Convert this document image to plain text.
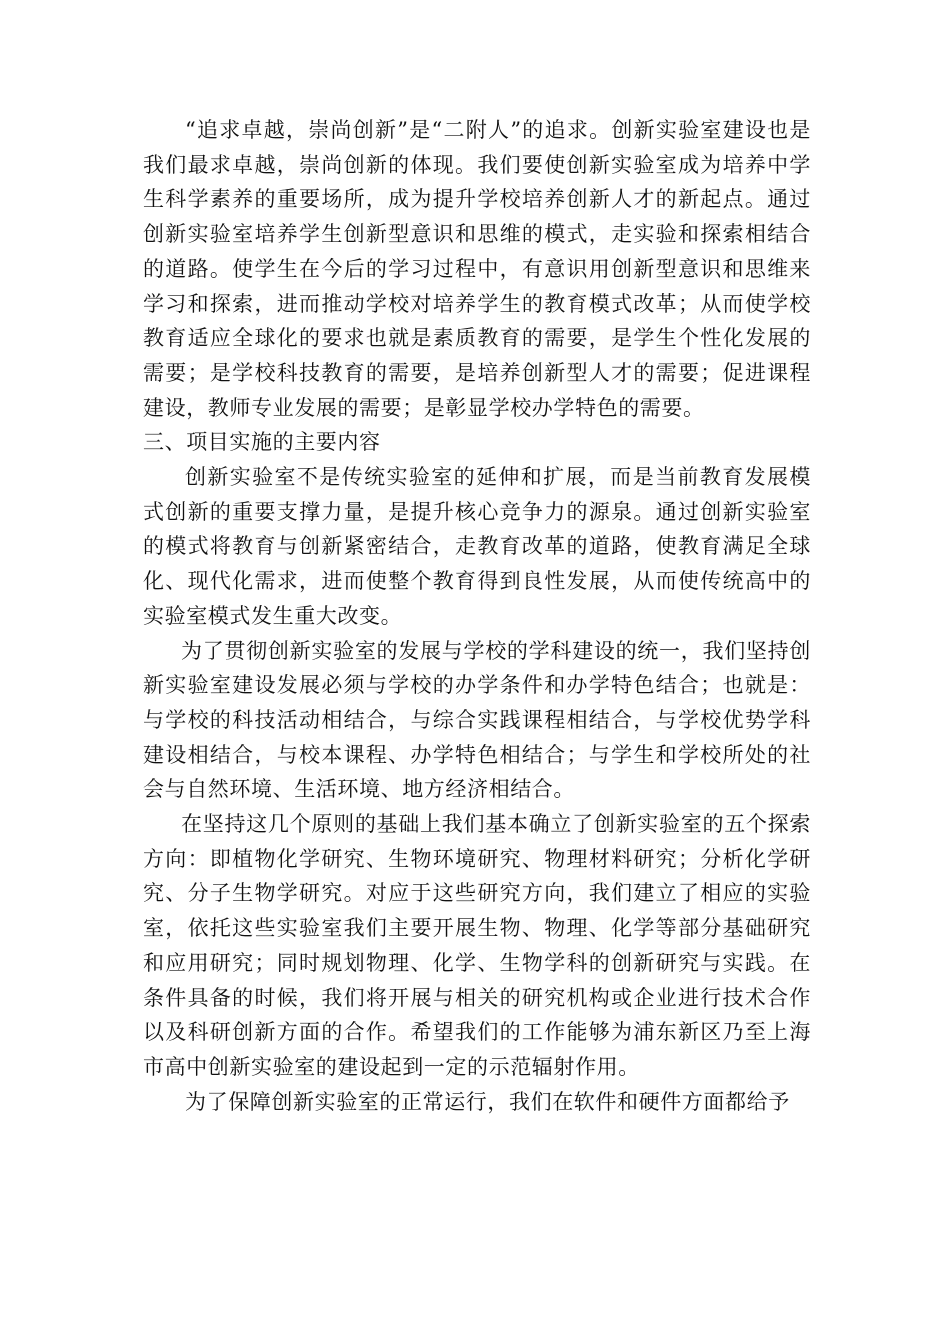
“追求卓越，崇尚创新”是“二附人”的追求。创新实验室建设也是我们最求卓越，崇尚创新的体现。我们要使创新实验室成为培养中学生科学素养的重要场所，成为提升学校培养创新人才的新起点。通过创新实验室培养学生创新型意识和思维的模式，走实验和探索相结合的道路。使学生在今后的学习过程中，有意识用创新型意识和思维来学习和探索，进而推动学校对培养学生的教育模式改革；从而使学校教育适应全球化的要求也就是素质教育的需要，是学生个性化发展的需要；是学校科技教育的需要，是培养创新型人才的需要；促进课程建设，教师专业发展的需要；是彰显学校办学特色的需要。

三、项目实施的主要内容

创新实验室不是传统实验室的延伸和扩展，而是当前教育发展模式创新的重要支撑力量，是提升核心竞争力的源泉。通过创新实验室的模式将教育与创新紧密结合，走教育改革的道路，使教育满足全球化、现代化需求，进而使整个教育得到良性发展，从而使传统高中的实验室模式发生重大改变。

为了贯彻创新实验室的发展与学校的学科建设的统一，我们坚持创新实验室建设发展必须与学校的办学条件和办学特色结合；也就是：与学校的科技活动相结合，与综合实践课程相结合，与学校优势学科建设相结合，与校本课程、办学特色相结合；与学生和学校所处的社会与自然环境、生活环境、地方经济相结合。

在坚持这几个原则的基础上我们基本确立了创新实验室的五个探索方向：即植物化学研究、生物环境研究、物理材料研究；分析化学研究、分子生物学研究。对应于这些研究方向，我们建立了相应的实验室，依托这些实验室我们主要开展生物、物理、化学等部分基础研究和应用研究；同时规划物理、化学、生物学科的创新研究与实践。在条件具备的时候，我们将开展与相关的研究机构或企业进行技术合作以及科研创新方面的合作。希望我们的工作能够为浦东新区乃至上海市高中创新实验室的建设起到一定的示范辐射作用。

为了保障创新实验室的正常运行，我们在软件和硬件方面都给予
